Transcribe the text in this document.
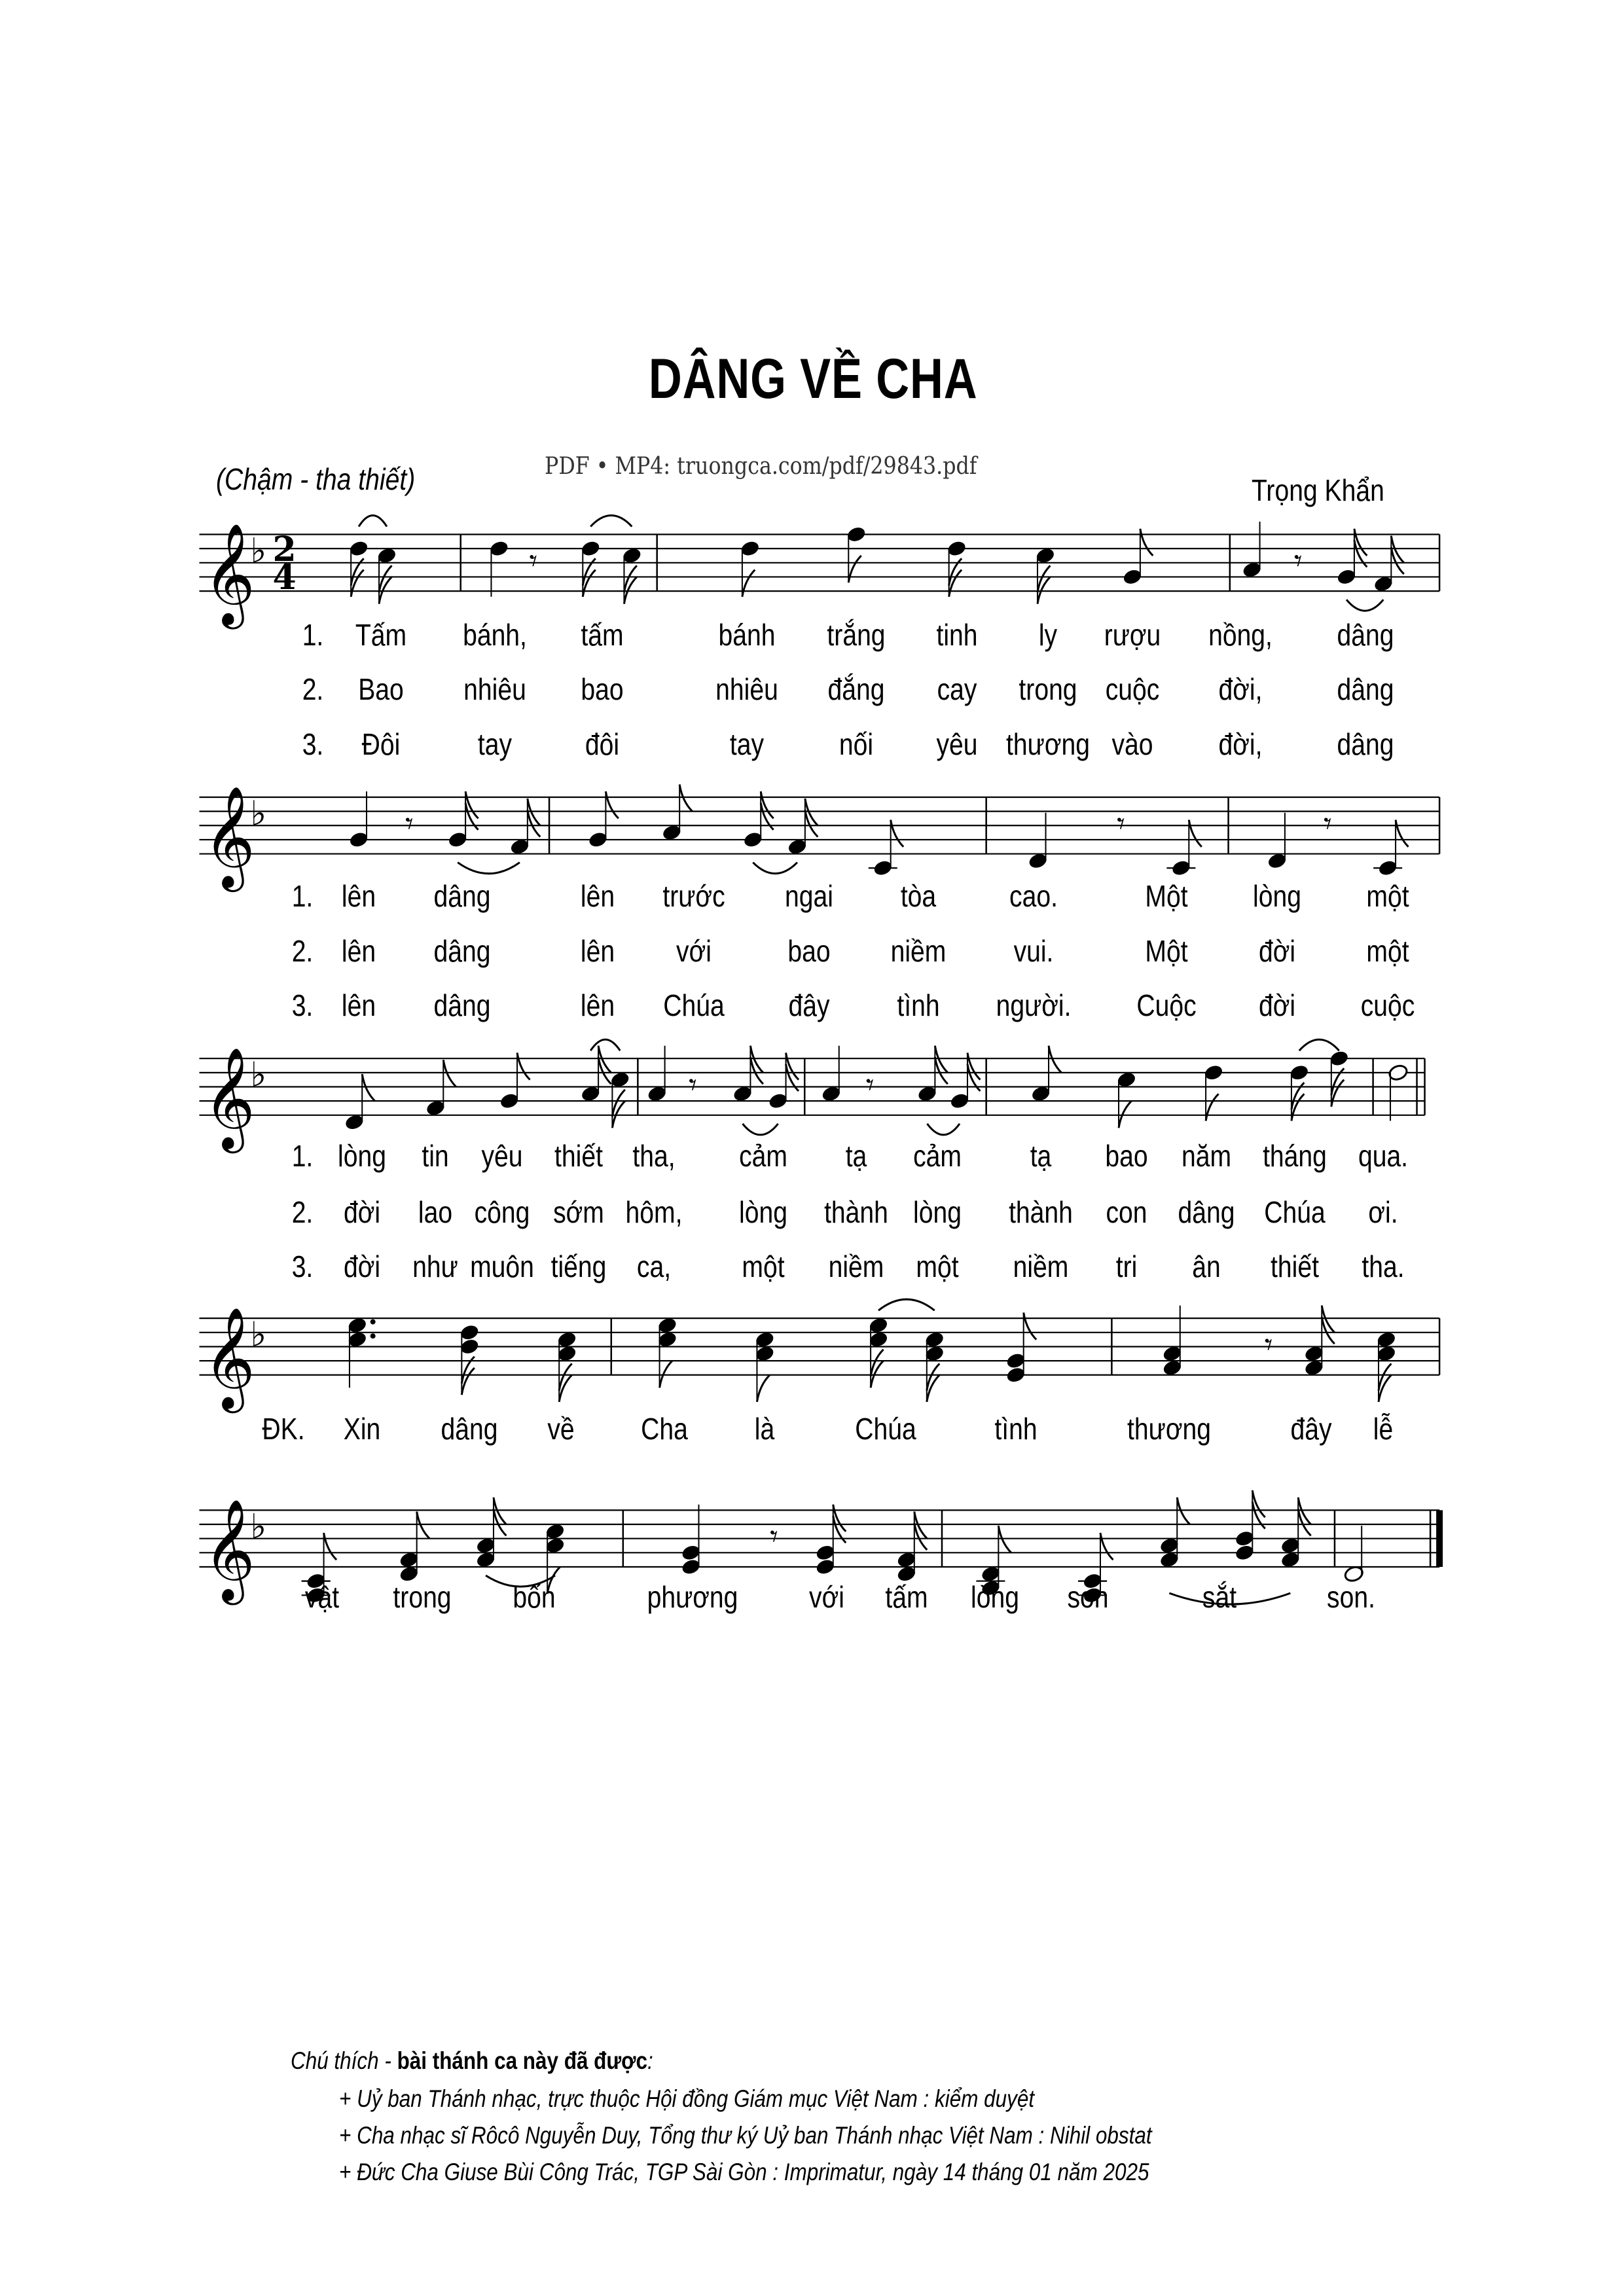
DÂNG VỀ CHA
(Chậm - tha thiết)	PDF • MP4: truongca.com/pdf/29843.pdf
Trọng Khẩn
𝄞
♭ 2
4	𝄾	𝄾
𝄞
♭	𝄾	𝄾	𝄾
𝄞
♭	𝄾	𝄾
𝄞
♭	𝄾
𝄞
♭	𝄾
1. Tấm bánh, tấm	bánh trắng tinh ly rượu nồng, dâng
2. Bao nhiêu bao	nhiêu đắng cay trong cuộc đời, dâng
3. Đôi	tay đôi	tay nối yêu thương vào đời, dâng
1. lên dâng	lên trước ngai tòa cao.	Một lòng một
2. lên dâng	lên với	bao niềm vui.	Một đời một
3. lên dâng	lên Chúa đây tình người. Cuộc đời cuộc
1. lòng tin yêu thiết tha, cảm tạ cảm tạ bao năm tháng qua.
2. đời lao công sớm hôm, lòng thành lòng thành con dâng Chúa ơi.
3. đời như muôn tiếng ca, một niềm một niềm tri ân thiết tha.
ĐK. Xin dâng về Cha là	Chúa	tình	thương	đây lễ
vật trong bốn	phương với tấm lòng son	sắt	son.
Chú thích - bài thánh ca này đã được:
+ Uỷ ban Thánh nhạc, trực thuộc Hội đồng Giám mục Việt Nam : kiểm duyệt
+ Cha nhạc sĩ Rôcô Nguyễn Duy, Tổng thư ký Uỷ ban Thánh nhạc Việt Nam : Nihil obstat
+ Đức Cha Giuse Bùi Công Trác, TGP Sài Gòn : Imprimatur, ngày 14 tháng 01 năm 2025
